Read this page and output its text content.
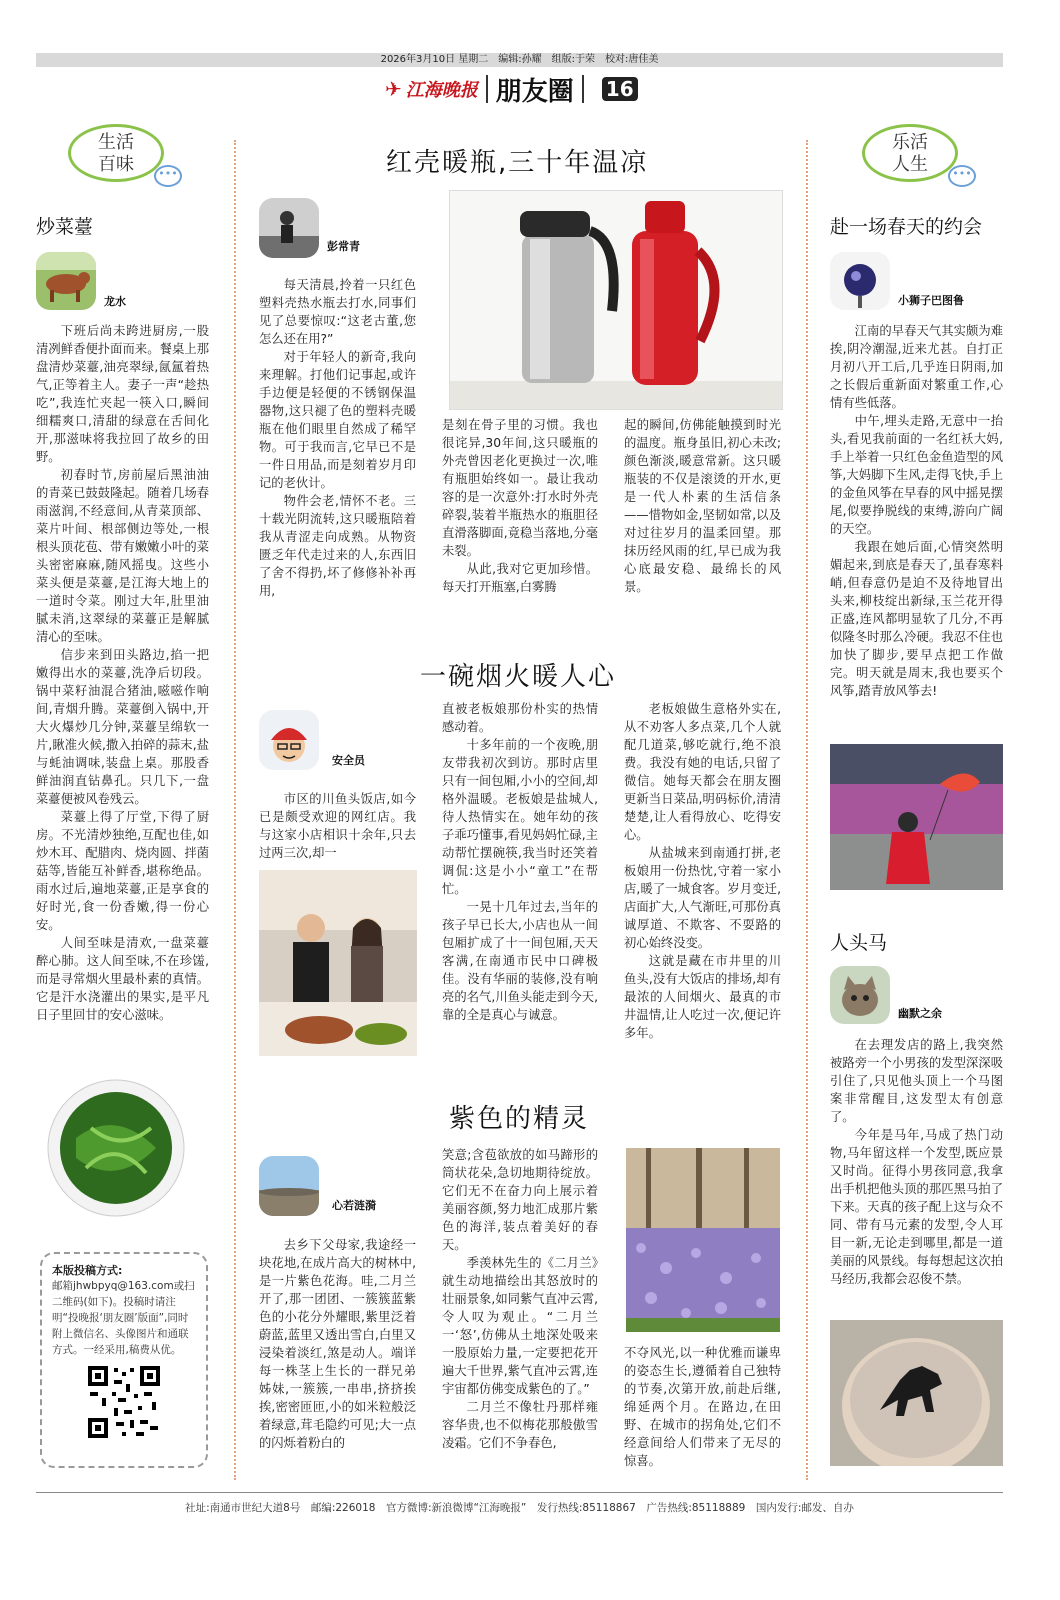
2026年3月10日 星期二　编辑:孙耀　组版:于荣　校对:唐佳美
✈ 江海晚报 朋友圈 16
生活
百味	•••
炒菜薹
龙水

下班后尚未跨进厨房,一股清冽鲜香便扑面而来。餐桌上那盘清炒菜薹,油亮翠绿,氤氲着热气,正等着主人。妻子一声“趁热吃”,我连忙夹起一筷入口,瞬间细糯爽口,清甜的绿意在舌间化开,那滋味将我拉回了故乡的田野。

初春时节,房前屋后黑油油的青菜已鼓鼓隆起。随着几场春雨滋润,不经意间,从青菜顶部、菜片叶间、根部侧边等处,一根根头顶花苞、带有嫩嫩小叶的菜头密密麻麻,随风摇曳。这些小菜头便是菜薹,是江海大地上的一道时令菜。刚过大年,肚里油腻未消,这翠绿的菜薹正是解腻清心的至味。

信步来到田头路边,掐一把嫩得出水的菜薹,洗净后切段。锅中菜籽油混合猪油,嗞嗞作响间,青烟升腾。菜薹倒入锅中,开大火爆炒几分钟,菜薹呈绵软一片,瞅准火候,撒入拍碎的蒜末,盐与蚝油调味,装盘上桌。那股香鲜油润直钻鼻孔。只几下,一盘菜薹便被风卷残云。

菜薹上得了厅堂,下得了厨房。不光清炒独绝,互配也佳,如炒木耳、配腊肉、烧肉圆、拌菌菇等,皆能互补鲜香,堪称绝品。雨水过后,遍地菜薹,正是享食的好时光,食一份香嫩,得一份心安。

人间至味是清欢,一盘菜薹醉心肺。这人间至味,不在珍馐,而是寻常烟火里最朴素的真情。它是汗水浇灌出的果实,是平凡日子里回甘的安心滋味。

本版投稿方式:
邮箱jhwbpyq@163.com或扫二维码(如下)。投稿时请注明“投晚报‘朋友圈’版面”,同时附上微信名、头像图片和通联方式。一经采用,稿费从优。
红壳暖瓶,三十年温凉
彭常青

每天清晨,拎着一只红色塑料壳热水瓶去打水,同事们见了总要惊叹:“这老古董,您怎么还在用?”

对于年轻人的新奇,我向来理解。打他们记事起,或许手边便是轻便的不锈钢保温器物,这只褪了色的塑料壳暖瓶在他们眼里自然成了稀罕物。可于我而言,它早已不是一件日用品,而是刻着岁月印记的老伙计。

物件会老,情怀不老。三十载光阴流转,这只暖瓶陪着我从青涩走向成熟。从物资匮乏年代走过来的人,东西旧了舍不得扔,坏了修修补补再用,

是刻在骨子里的习惯。我也很诧异,30年间,这只暖瓶的外壳曾因老化更换过一次,唯有瓶胆始终如一。最让我动容的是一次意外:打水时外壳碎裂,装着半瓶热水的瓶胆径直滑落脚面,竟稳当落地,分毫未裂。

从此,我对它更加珍惜。每天打开瓶塞,白雾腾

起的瞬间,仿佛能触摸到时光的温度。瓶身虽旧,初心未改;颜色渐淡,暖意常新。这只暖瓶装的不仅是滚烫的开水,更是一代人朴素的生活信条——惜物如金,坚韧如常,以及对过往岁月的温柔回望。那抹历经风雨的红,早已成为我心底最安稳、最绵长的风景。

一碗烟火暖人心
安全员

市区的川鱼头饭店,如今已是颇受欢迎的网红店。我与这家小店相识十余年,只去过两三次,却一

直被老板娘那份朴实的热情感动着。

十多年前的一个夜晚,朋友带我初次到访。那时店里只有一间包厢,小小的空间,却格外温暖。老板娘是盐城人,待人热情实在。她年幼的孩子乖巧懂事,看见妈妈忙碌,主动帮忙摆碗筷,我当时还笑着调侃:这是小小“童工”在帮忙。

一晃十几年过去,当年的孩子早已长大,小店也从一间包厢扩成了十一间包厢,天天客满,在南通市民中口碑极佳。没有华丽的装修,没有响亮的名气,川鱼头能走到今天,靠的全是真心与诚意。

老板娘做生意格外实在,从不劝客人多点菜,几个人就配几道菜,够吃就行,绝不浪费。我没有她的电话,只留了微信。她每天都会在朋友圈更新当日菜品,明码标价,清清楚楚,让人看得放心、吃得安心。

从盐城来到南通打拼,老板娘用一份热忱,守着一家小店,暖了一城食客。岁月变迁,店面扩大,人气渐旺,可那份真诚厚道、不欺客、不耍路的初心始终没变。

这就是藏在市井里的川鱼头,没有大饭店的排场,却有最浓的人间烟火、最真的市井温情,让人吃过一次,便记许多年。

紫色的精灵
心若涟漪

去乡下父母家,我途经一块花地,在成片高大的树林中,是一片紫色花海。哇,二月兰开了,那一团团、一簇簇蓝紫色的小花分外耀眼,紫里泛着蔚蓝,蓝里又透出雪白,白里又浸染着淡红,煞是动人。端详每一株茎上生长的一群兄弟姊妹,一簇簇,一串串,挤挤挨挨,密密匝匝,小的如米粒般泛着绿意,茸毛隐约可见;大一点的闪烁着粉白的

笑意;含苞欲放的如马蹄形的筒状花朵,急切地期待绽放。它们无不在奋力向上展示着美丽容颜,努力地汇成那片紫色的海洋,装点着美好的春天。

季羡林先生的《二月兰》就生动地描绘出其怒放时的壮丽景象,如同紫气直冲云霄,令人叹为观止。“二月兰一‘怒’,仿佛从土地深处吸来一股原始力量,一定要把花开遍大千世界,紫气直冲云霄,连宇宙都仿佛变成紫色的了。”

二月兰不像牡丹那样雍容华贵,也不似梅花那般傲雪凌霜。它们不争春色,

不夺风光,以一种优雅而谦卑的姿态生长,遵循着自己独特的节奏,次第开放,前赴后继,绵延两个月。在路边,在田野、在城市的拐角处,它们不经意间给人们带来了无尽的惊喜。

乐活
人生	•••
赴一场春天的约会
小狮子巴图鲁

江南的早春天气其实颇为难挨,阴冷潮湿,近来尤甚。自打正月初八开工后,几乎连日阴雨,加之长假后重新面对繁重工作,心情有些低落。

中午,埋头走路,无意中一抬头,看见我前面的一名红袄大妈,手上举着一只红色金鱼造型的风筝,大妈脚下生风,走得飞快,手上的金鱼风筝在早春的风中摇晃摆尾,似要挣脱线的束缚,游向广阔的天空。

我跟在她后面,心情突然明媚起来,到底是春天了,虽春寒料峭,但春意仍是迫不及待地冒出头来,柳枝绽出新绿,玉兰花开得正盛,连风都明显软了几分,不再似隆冬时那么冷硬。我忍不住也加快了脚步,要早点把工作做完。明天就是周末,我也要买个风筝,踏青放风筝去!

人头马
幽默之余

在去理发店的路上,我突然被路旁一个小男孩的发型深深吸引住了,只见他头顶上一个马图案非常醒目,这发型太有创意了。

今年是马年,马成了热门动物,马年留这样一个发型,既应景又时尚。征得小男孩同意,我拿出手机把他头顶的那匹黑马拍了下来。天真的孩子配上这与众不同、带有马元素的发型,令人耳目一新,无论走到哪里,都是一道美丽的风景线。每每想起这次拍马经历,我都会忍俊不禁。

社址:南通市世纪大道8号　邮编:226018　官方微博:新浪微博“江海晚报”　发行热线:85118867　广告热线:85118889　国内发行:邮发、自办
